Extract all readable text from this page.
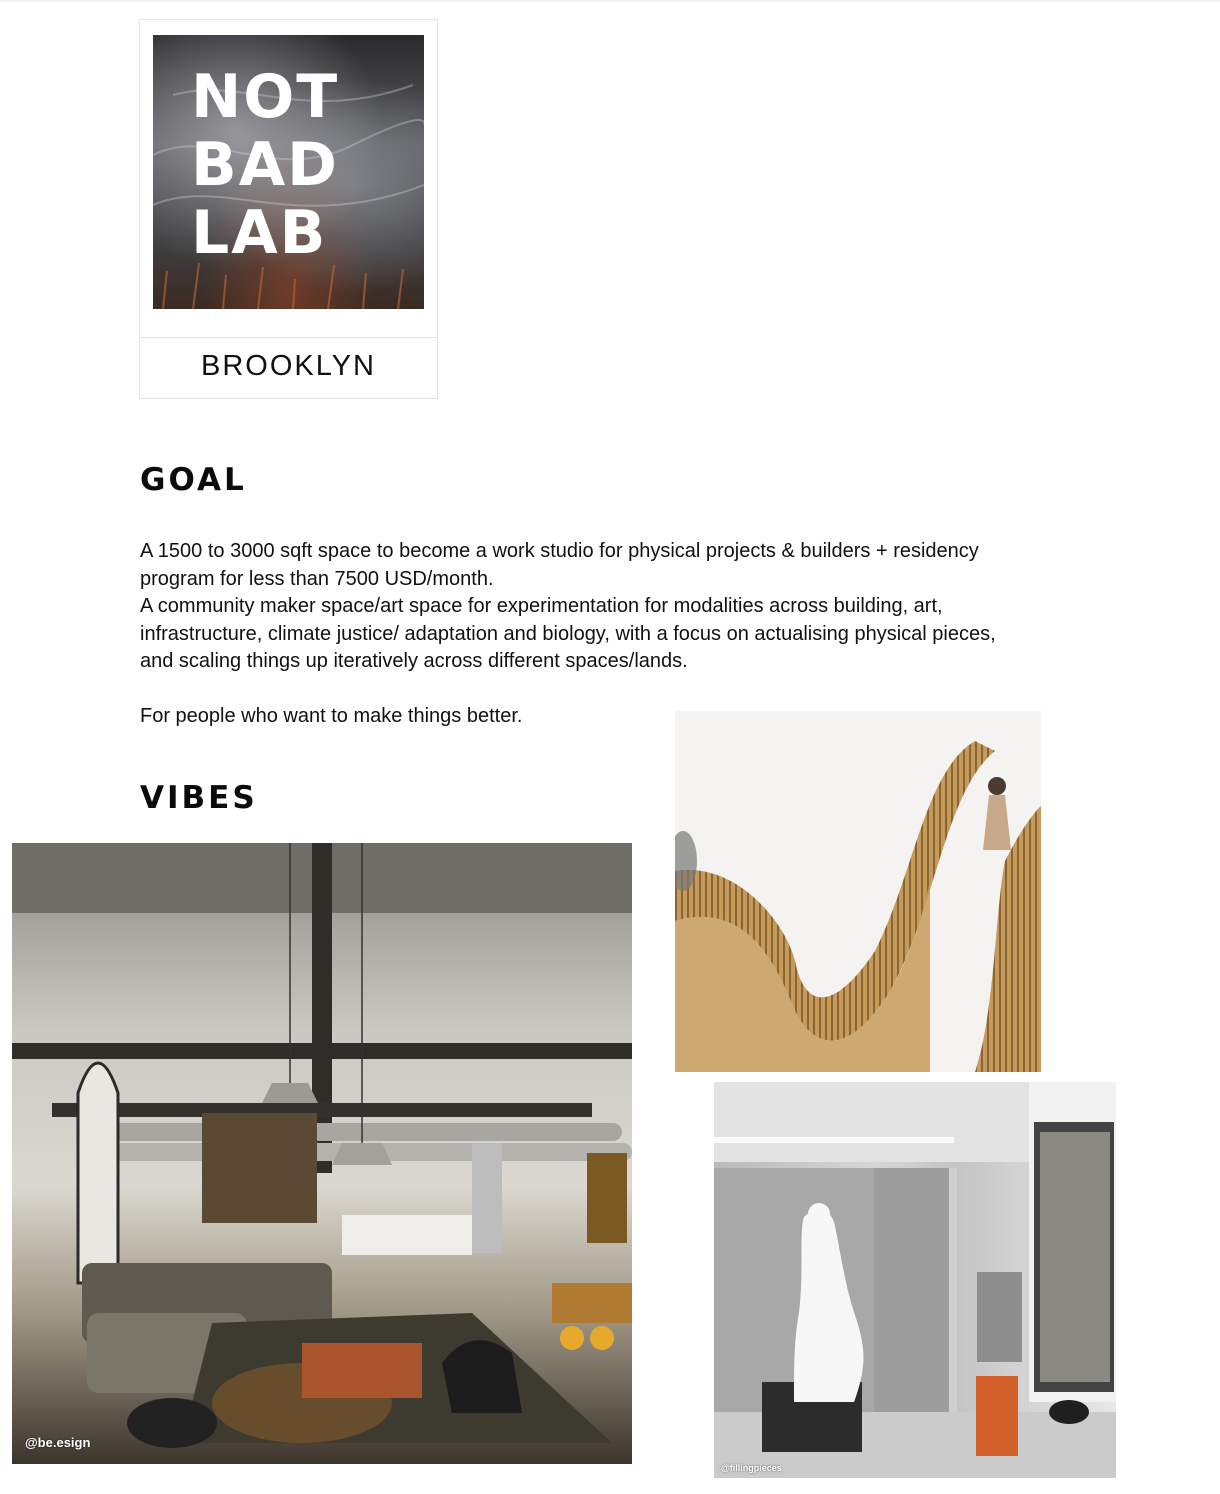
NOT
BAD
LAB
BROOKLYN
GOAL
A 1500 to 3000 sqft space to become a work studio for physical projects & builders + residency
program for less than 7500 USD/month.
A community maker space/art space for experimentation for modalities across building, art,
infrastructure, climate justice/ adaptation and biology, with a focus on actualising physical pieces,
and scaling things up iteratively across different spaces/lands.

For people who want to make things better.

VIBES
@be.esign
@fillingpieces
